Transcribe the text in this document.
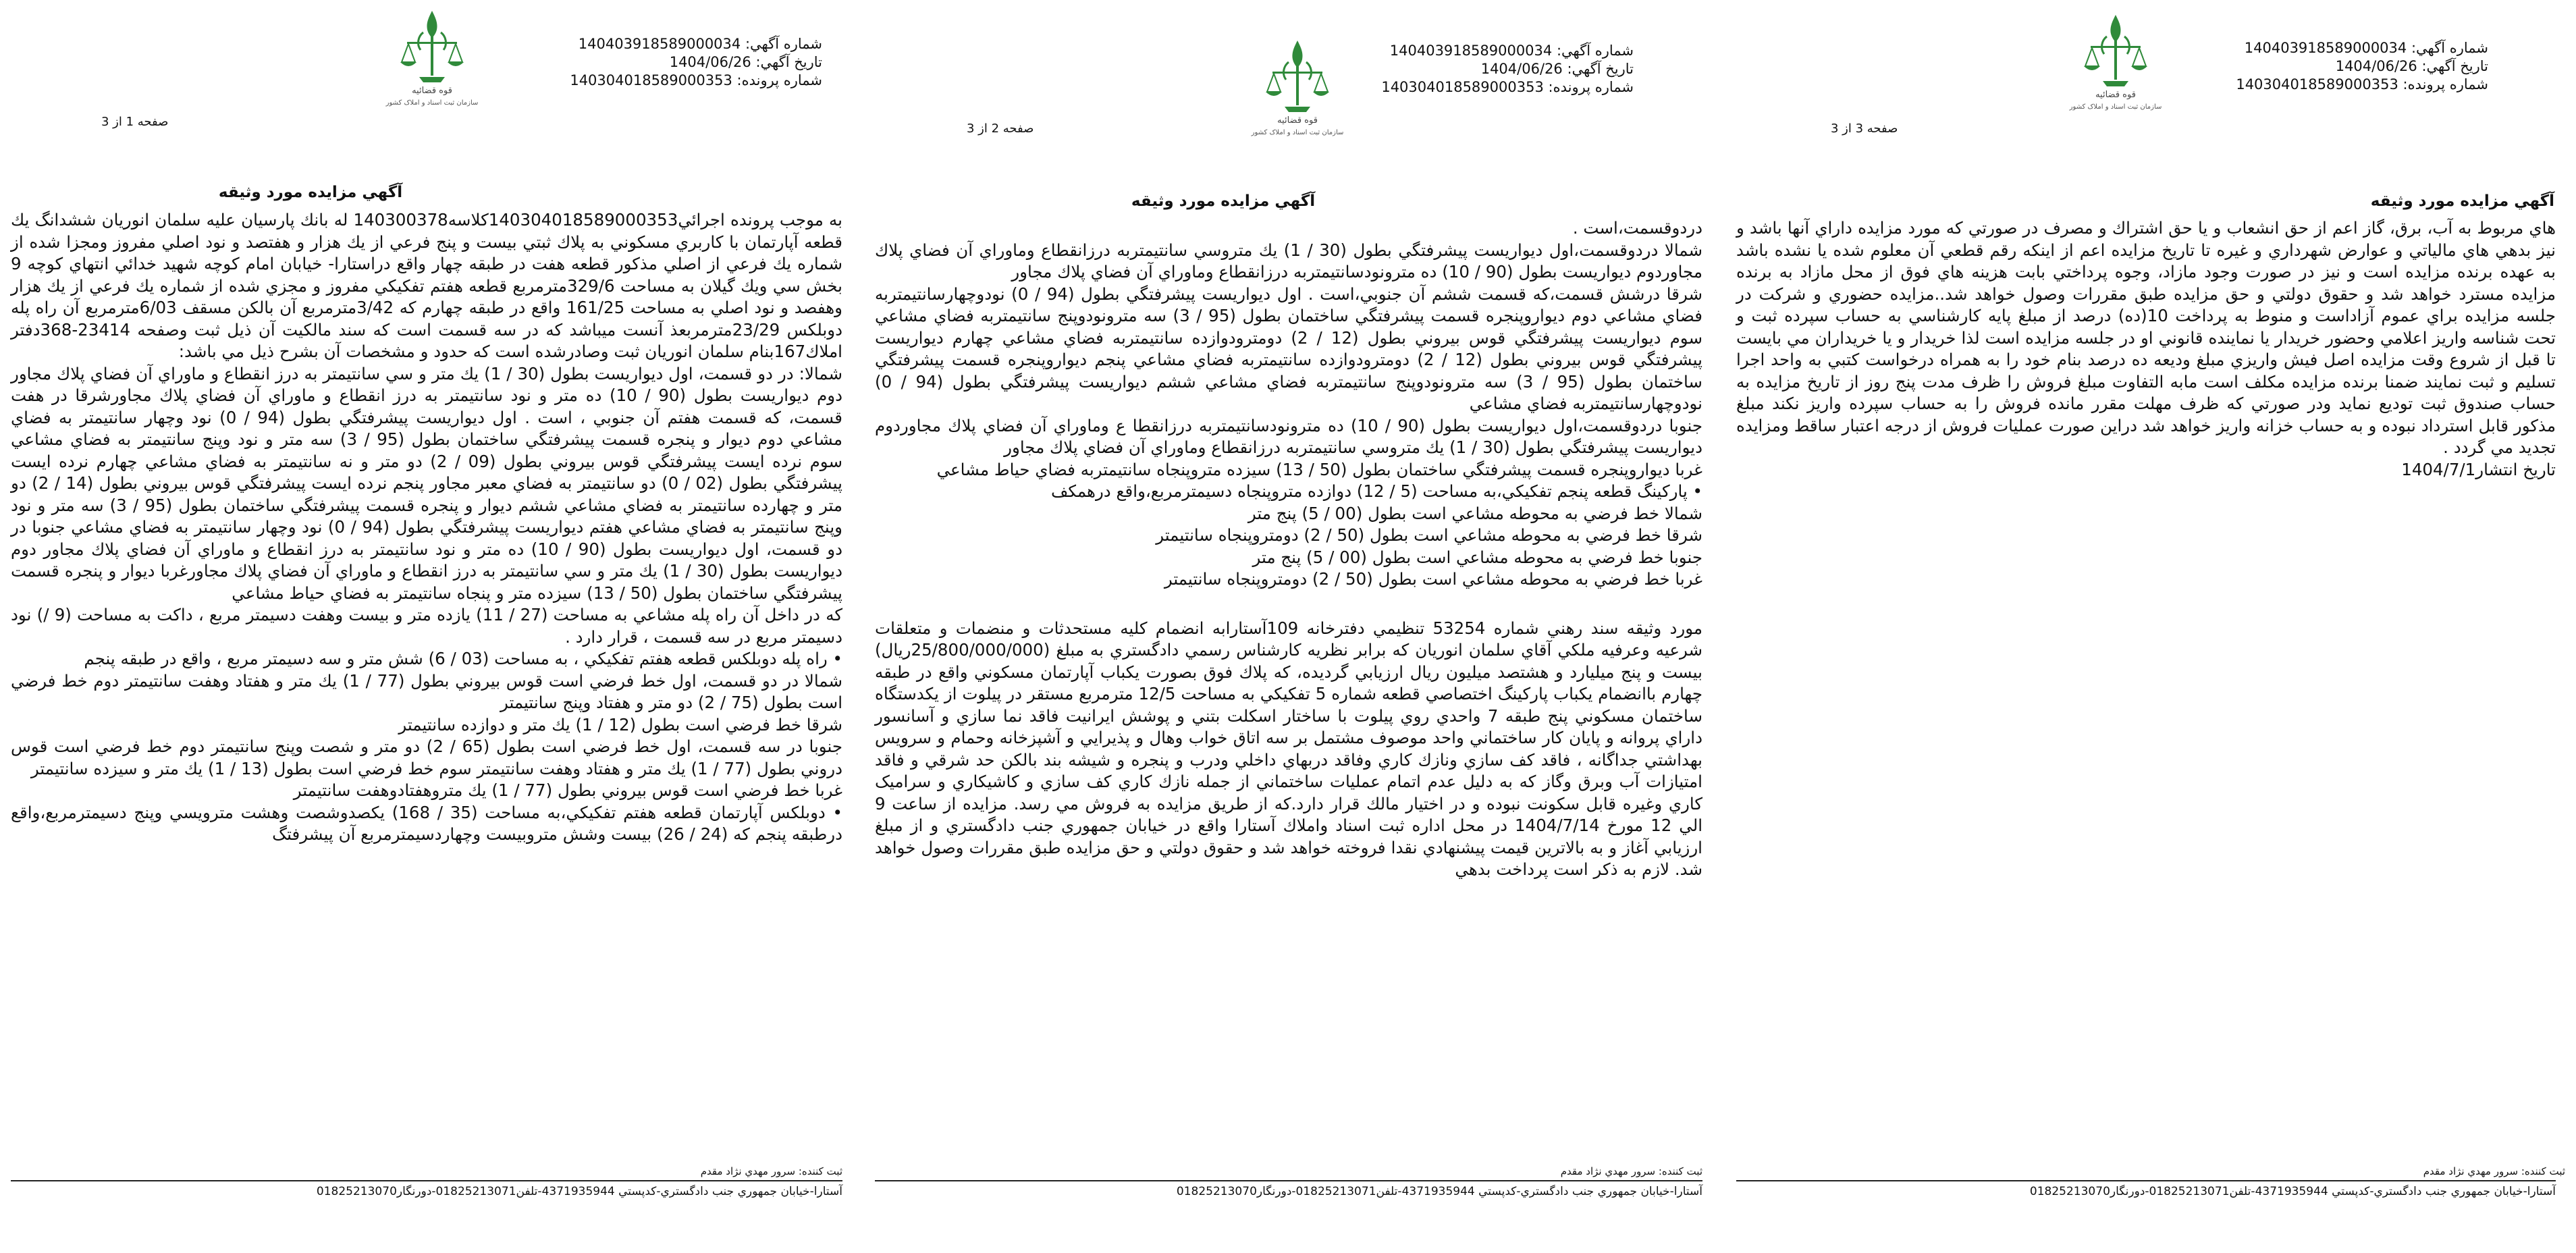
قوه قضائیه
سازمان ثبت اسناد و املاک کشور
شماره آگهي: 140403918589000034
تاريخ آگهي: 1404/06/26
شماره پرونده: 140304018589000353
صفحه 3 از 3
آگهي مزايده مورد وثيقه

هاي مربوط به آب، برق، گاز اعم از حق انشعاب و يا حق اشتراك و مصرف در صورتي كه مورد مزايده داراي آنها باشد و نيز بدهي هاي مالياتي و عوارض شهرداري و غيره تا تاريخ مزايده اعم از اينكه رقم قطعي آن معلوم شده يا نشده باشد به عهده برنده مزايده است و نيز در صورت وجود مازاد، وجوه پرداختي بابت هزينه هاي فوق از محل مازاد به برنده مزايده مسترد خواهد شد و حقوق دولتي و حق مزايده طبق مقررات وصول خواهد شد..مزايده حضوري و شركت در جلسه مزايده براي عموم آزاداست و منوط به پرداخت 10(ده) درصد از مبلغ پايه كارشناسي به حساب سپرده ثبت و تحت شناسه واريز اعلامي وحضور خريدار يا نماينده قانوني او در جلسه مزايده است لذا خريدار و يا خريداران مي بايست تا قبل از شروع وقت مزايده اصل فيش واريزي مبلغ وديعه ده درصد بنام خود را به همراه درخواست كتبي به واحد اجرا تسليم و ثبت نمايند ضمنا برنده مزايده مكلف است مابه التفاوت مبلغ فروش را ظرف مدت پنج روز از تاريخ مزايده به حساب صندوق ثبت توديع نمايد ودر صورتي كه ظرف مهلت مقرر مانده فروش را به حساب سپرده واريز نكند مبلغ مذكور قابل استرداد نبوده و به حساب خزانه واريز خواهد شد دراين صورت عمليات فروش از درجه اعتبار ساقط ومزايده تجديد مي گردد .

تاريخ انتشار1404/7/1

ثبت كننده: سرور مهدي نژاد مقدم
آستارا-خيابان جمهوري جنب دادگستري-كدپستي 4371935944-تلفن01825213071-دورنگار01825213070
قوه قضائیه
سازمان ثبت اسناد و املاک کشور
شماره آگهي: 140403918589000034
تاريخ آگهي: 1404/06/26
شماره پرونده: 140304018589000353
صفحه 2 از 3
آگهي مزايده مورد وثيقه

دردوقسمت،است .

شمالا دردوقسمت،اول ديواريست پيشرفتگي بطول (30 / 1) يك متروسي سانتيمتربه درزانقطاع وماوراي آن فضاي پلاك مجاوردوم ديواريست بطول (90 / 10) ده مترونودسانتيمتربه درزانقطاع وماوراي آن فضاي پلاك مجاور

شرقا درشش قسمت،كه قسمت ششم آن جنوبي،است . اول ديواريست پيشرفتگي بطول (94 / 0) نودوچهارسانتيمتربه فضاي مشاعي دوم ديواروپنجره قسمت پيشرفتگي ساختمان بطول (95 / 3) سه مترونودوپنج سانتيمتربه فضاي مشاعي سوم ديواريست پيشرفتگي قوس بيروني بطول (12 / 2) دومترودوازده سانتيمتربه فضاي مشاعي چهارم ديواريست پيشرفتگي قوس بيروني بطول (12 / 2) دومترودوازده سانتيمتربه فضاي مشاعي پنجم ديواروپنجره قسمت پيشرفتگي ساختمان بطول (95 / 3) سه مترونودوپنج سانتيمتربه فضاي مشاعي ششم ديواريست پيشرفتگي بطول (94 / 0) نودوچهارسانتيمتربه فضاي مشاعي

جنوبا دردوقسمت،اول ديواريست بطول (90 / 10) ده مترونودسانتيمتربه درزانقطا ع وماوراي آن فضاي پلاك مجاوردوم ديواريست پيشرفتگي بطول (30 / 1) يك متروسي سانتيمتربه درزانقطاع وماوراي آن فضاي پلاك مجاور

غربا ديواروپنجره قسمت پيشرفتگي ساختمان بطول (50 / 13) سيزده متروپنجاه سانتيمتربه فضاي حياط مشاعي

• پاركينگ قطعه پنجم تفكيكي،به مساحت (5 / 12) دوازده متروپنجاه دسيمترمربع،واقع درهمكف

شمالا خط فرضي به محوطه مشاعي است بطول (00 / 5) پنج متر

شرقا خط فرضي به محوطه مشاعي است بطول (50 / 2) دومتروپنجاه سانتيمتر

جنوبا خط فرضي به محوطه مشاعي است بطول (00 / 5) پنج متر

غربا خط فرضي به محوطه مشاعي است بطول (50 / 2) دومتروپنجاه سانتيمتر

مورد وثيقه سند رهني شماره 53254 تنظيمي دفترخانه 109آستارابه انضمام كليه مستحدثات و منضمات و متعلقات شرعيه وعرفيه ملكي آقاي سلمان انوريان كه برابر نظريه كارشناس رسمي دادگستري به مبلغ (25/800/000/000ريال) بيست و پنج ميلیارد و هشتصد ميليون ريال ارزيابي گرديده، كه پلاك فوق بصورت يكباب آپارتمان مسكوني واقع در طبقه چهارم باانضمام يكباب پاركينگ اختصاصي قطعه شماره 5 تفكيكي به مساحت 12/5 مترمربع مستقر در پيلوت از يكدستگاه ساختمان مسكوني پنج طبقه 7 واحدي روي پيلوت با ساختار اسكلت بتني و پوشش ايرانيت فاقد نما سازي و آسانسور داراي پروانه و پايان كار ساختماني واحد موصوف مشتمل بر سه اتاق خواب وهال و پذيرايي و آشپزخانه وحمام و سرويس بهداشتي جداگانه ، فاقد كف سازي ونازك كاري وفاقد دربهاي داخلي ودرب و پنجره و شيشه بند بالكن حد شرقي و فاقد امتيازات آب وبرق وگاز كه به دليل عدم اتمام عمليات ساختماني از جمله نازك كاري كف سازي و كاشيكاري و سرامیک كاري وغيره قابل سكونت نبوده و در اختيار مالك قرار دارد.كه از طريق مزايده به فروش مي رسد. مزايده از ساعت 9 الي 12 مورخ 1404/7/14 در محل اداره ثبت اسناد واملاك آستارا واقع در خيابان جمهوري جنب دادگستري و از مبلغ ارزيابي آغاز و به بالاترين قيمت پيشنهادي نقدا فروخته خواهد شد و حقوق دولتي و حق مزايده طبق مقررات وصول خواهد شد. لازم به ذكر است پرداخت بدهي

ثبت كننده: سرور مهدي نژاد مقدم
آستارا-خيابان جمهوري جنب دادگستري-كدپستي 4371935944-تلفن01825213071-دورنگار01825213070
قوه قضائیه
سازمان ثبت اسناد و املاک کشور
شماره آگهي: 140403918589000034
تاريخ آگهي: 1404/06/26
شماره پرونده: 140304018589000353
صفحه 1 از 3
آگهي مزايده مورد وثيقه

به موجب پرونده اجرائي140304018589000353كلاسه140300378 له بانك پارسيان عليه سلمان انوريان ششدانگ يك قطعه آپارتمان با كاربري مسكوني به پلاك ثبتي بيست و پنج فرعي از يك هزار و هفتصد و نود اصلي مفروز ومجزا شده از شماره يك فرعي از اصلي مذكور قطعه هفت در طبقه چهار واقع دراستارا- خيابان امام كوچه شهيد خدائي انتهاي كوچه 9 بخش سي ويك گيلان به مساحت 329/6مترمربع قطعه هفتم تفكيكي مفروز و مجزي شده از شماره يك فرعي از يك هزار وهفصد و نود اصلي به مساحت 161/25 واقع در طبقه چهارم كه 3/42مترمربع آن بالكن مسقف 6/03مترمربع آن راه پله دوبلكس 23/29مترمربعذ آنست ميباشد كه در سه قسمت است كه سند مالكيت آن ذيل ثبت وصفحه 23414-368دفتر املاك167بنام سلمان انوريان ثبت وصادرشده است كه حدود و مشخصات آن بشرح ذيل مي باشد:

شمالا: در دو قسمت، اول ديواريست بطول (30 / 1) يك متر و سي سانتيمتر به درز انقطاع و ماوراي آن فضاي پلاك مجاور دوم ديواريست بطول (90 / 10) ده متر و نود سانتيمتر به درز انقطاع و ماوراي آن فضاي پلاك مجاورشرقا در هفت قسمت، كه قسمت هفتم آن جنوبي ، است . اول ديواريست پيشرفتگي بطول (94 / 0) نود وچهار سانتيمتر به فضاي مشاعي دوم ديوار و پنجره قسمت پيشرفتگي ساختمان بطول (95 / 3) سه متر و نود وپنج سانتيمتر به فضاي مشاعي سوم نرده ايست پيشرفتگي قوس بيروني بطول (09 / 2) دو متر و نه سانتيمتر به فضاي مشاعي چهارم نرده ايست پيشرفتگي بطول (02 / 0) دو سانتيمتر به فضاي معبر مجاور پنجم نرده ايست پيشرفتگي قوس بيروني بطول (14 / 2) دو متر و چهارده سانتيمتر به فضاي مشاعي ششم ديوار و پنجره قسمت پيشرفتگي ساختمان بطول (95 / 3) سه متر و نود وپنج سانتيمتر به فضاي مشاعي هفتم ديواريست پيشرفتگي بطول (94 / 0) نود وچهار سانتيمتر به فضاي مشاعي جنوبا در دو قسمت، اول ديواريست بطول (90 / 10) ده متر و نود سانتيمتر به درز انقطاع و ماوراي آن فضاي پلاك مجاور دوم ديواريست بطول (30 / 1) يك متر و سي سانتيمتر به درز انقطاع و ماوراي آن فضاي پلاك مجاورغربا ديوار و پنجره قسمت پيشرفتگي ساختمان بطول (50 / 13) سيزده متر و پنجاه سانتيمتر به فضاي حياط مشاعي

كه در داخل آن راه پله مشاعي به مساحت (27 / 11) يازده متر و بيست وهفت دسيمتر مربع ، داكت به مساحت (9 /) نود دسيمتر مربع در سه قسمت ، قرار دارد .

• راه پله دوبلكس قطعه هفتم تفكيكي ، به مساحت (03 / 6) شش متر و سه دسيمتر مربع ، واقع در طبقه پنجم

شمالا در دو قسمت، اول خط فرضي است قوس بيروني بطول (77 / 1) يك متر و هفتاد وهفت سانتيمتر دوم خط فرضي است بطول (75 / 2) دو متر و هفتاد وپنج سانتيمتر

شرقا خط فرضي است بطول (12 / 1) يك متر و دوازده سانتيمتر

جنوبا در سه قسمت، اول خط فرضي است بطول (65 / 2) دو متر و شصت وپنج سانتيمتر دوم خط فرضي است قوس دروني بطول (77 / 1) يك متر و هفتاد وهفت سانتيمتر سوم خط فرضي است بطول (13 / 1) يك متر و سيزده سانتيمتر

غربا خط فرضي است قوس بيروني بطول (77 / 1) يك متروهفتادوهفت سانتيمتر

• دوبلكس آپارتمان قطعه هفتم تفكيكي،به مساحت (35 / 168) يكصدوشصت وهشت مترويسي وپنج دسيمترمربع،واقع درطبقه پنجم كه (24 / 26) بيست وشش متروبيست وچهاردسيمترمربع آن پيشرفتگ

ثبت كننده: سرور مهدي نژاد مقدم
آستارا-خيابان جمهوري جنب دادگستري-كدپستي 4371935944-تلفن01825213071-دورنگار01825213070
